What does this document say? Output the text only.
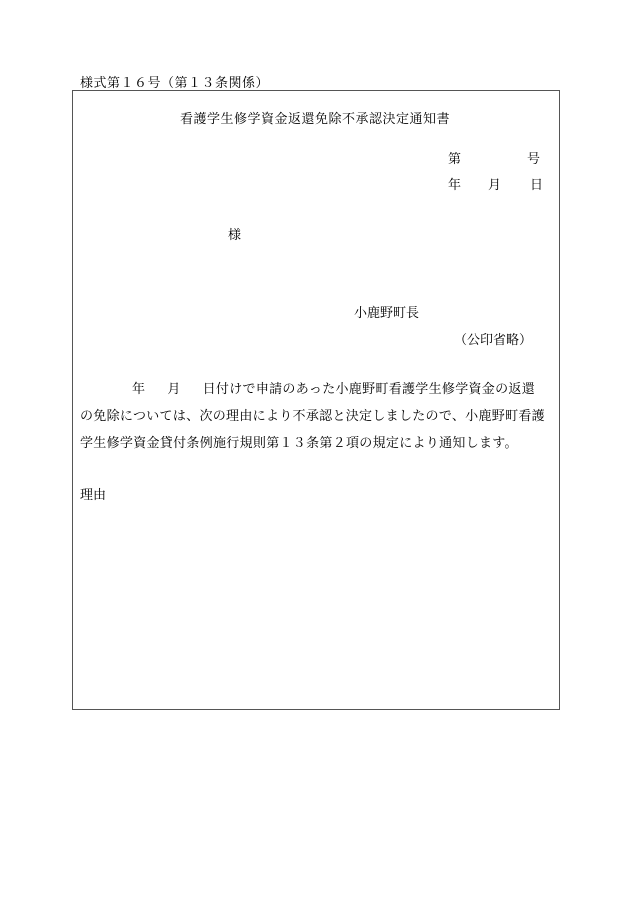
様式第１６号（第１３条関係）
看護学生修学資金返還免除不承認決定通知書
第	号
年 月 日
様
小鹿野町長
（公印省略）
年 月 日付けで申請のあった小鹿野町看護学生修学資金の返還
の免除については、次の理由により不承認と決定しましたので、小鹿野町看護
学生修学資金貸付条例施行規則第１３条第２項の規定により通知します。
理由
